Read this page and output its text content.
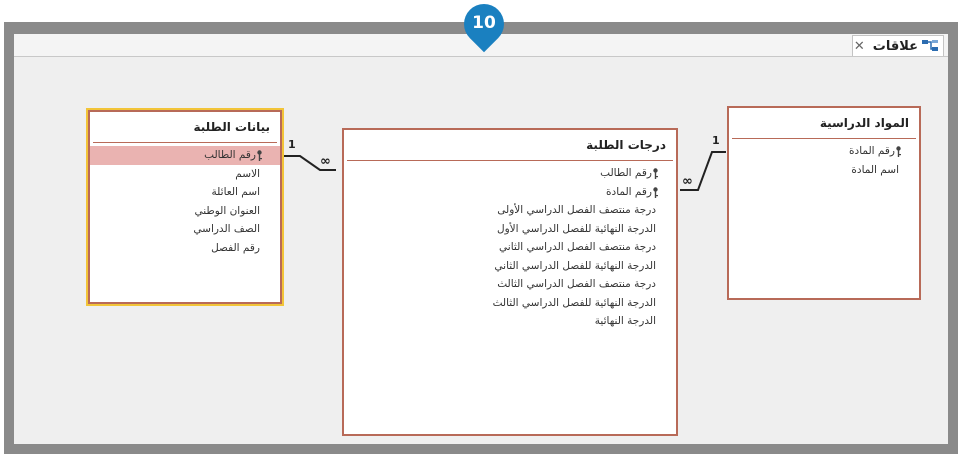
علاقات
✕
بيانات الطلبة
رقم الطالب
الاسم
اسم العائلة
العنوان الوطني
الصف الدراسي
رقم الفصل
درجات الطلبة
رقم الطالب
رقم المادة
درجة منتصف الفصل الدراسي الأولى
الدرجة النهائية للفصل الدراسي الأول
درجة منتصف الفصل الدراسي الثاني
الدرجة النهائية للفصل الدراسي الثاني
درجة منتصف الفصل الدراسي الثالث
الدرجة النهائية للفصل الدراسي الثالث
الدرجة النهائية
المواد الدراسية
رقم المادة
اسم المادة
1
∞
∞
1
10
